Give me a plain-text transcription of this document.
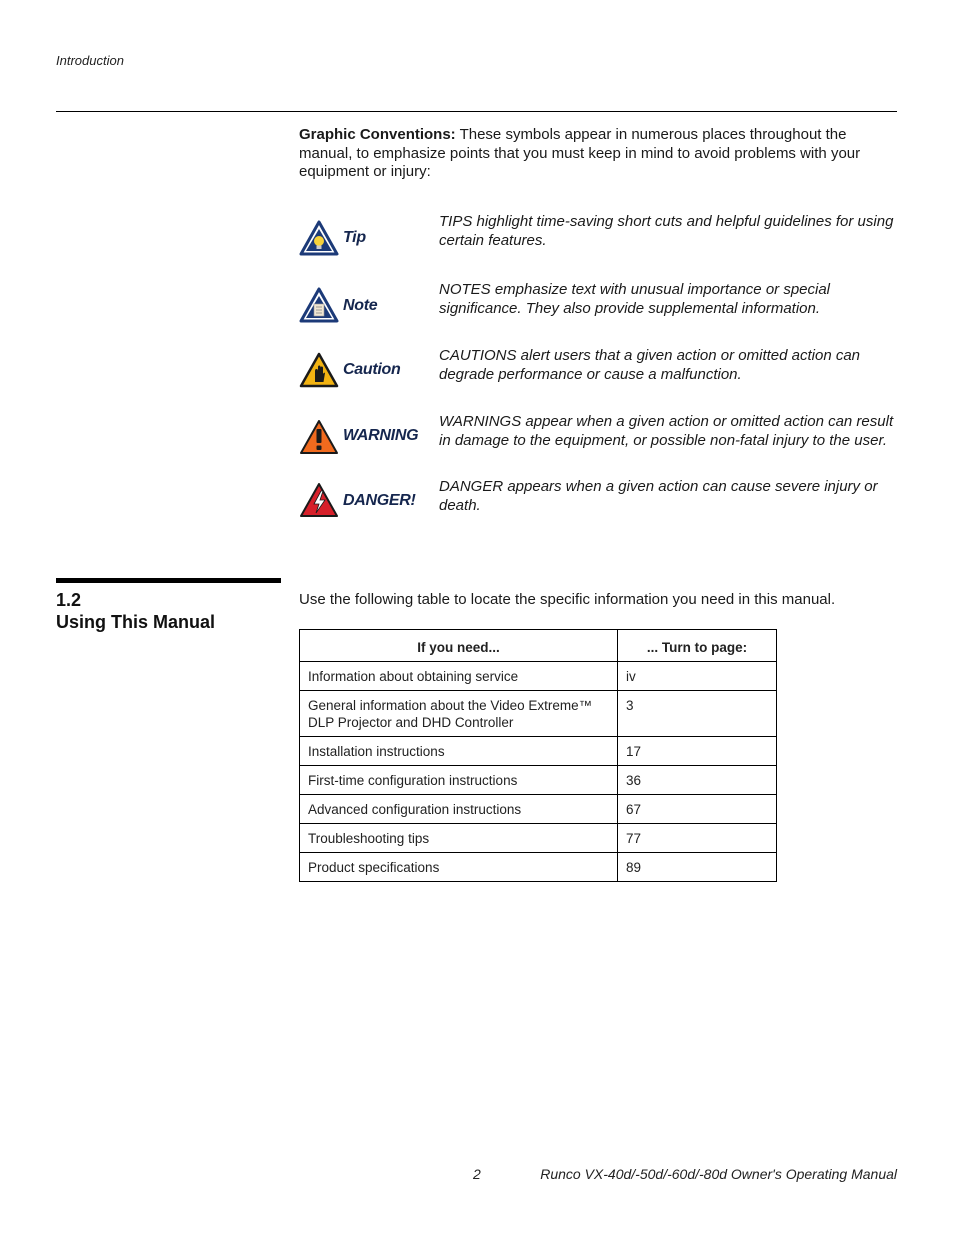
Introduction
Graphic Conventions: These symbols appear in numerous places throughout the manual, to emphasize points that you must keep in mind to avoid problems with your equipment or injury:
Tip
TIPS highlight time-saving short cuts and helpful guidelines for using certain features.
Note
NOTES emphasize text with unusual importance or special significance. They also provide supplemental information.
Caution
CAUTIONS alert users that a given action or omitted action can degrade performance or cause a malfunction.
WARNING
WARNINGS appear when a given action or omitted action can result in damage to the equipment, or possible non-fatal injury to the user.
DANGER!
DANGER appears when a given action can cause severe injury or death.
1.2
Using This Manual
Use the following table to locate the specific information you need in this manual.
If you need...	... Turn to page:
Information about obtaining service	iv
General information about the Video Extreme™ DLP Projector and DHD Controller	3
Installation instructions	17
First-time configuration instructions	36
Advanced configuration instructions	67
Troubleshooting tips	77
Product specifications	89
2	Runco VX-40d/-50d/-60d/-80d Owner's Operating Manual
